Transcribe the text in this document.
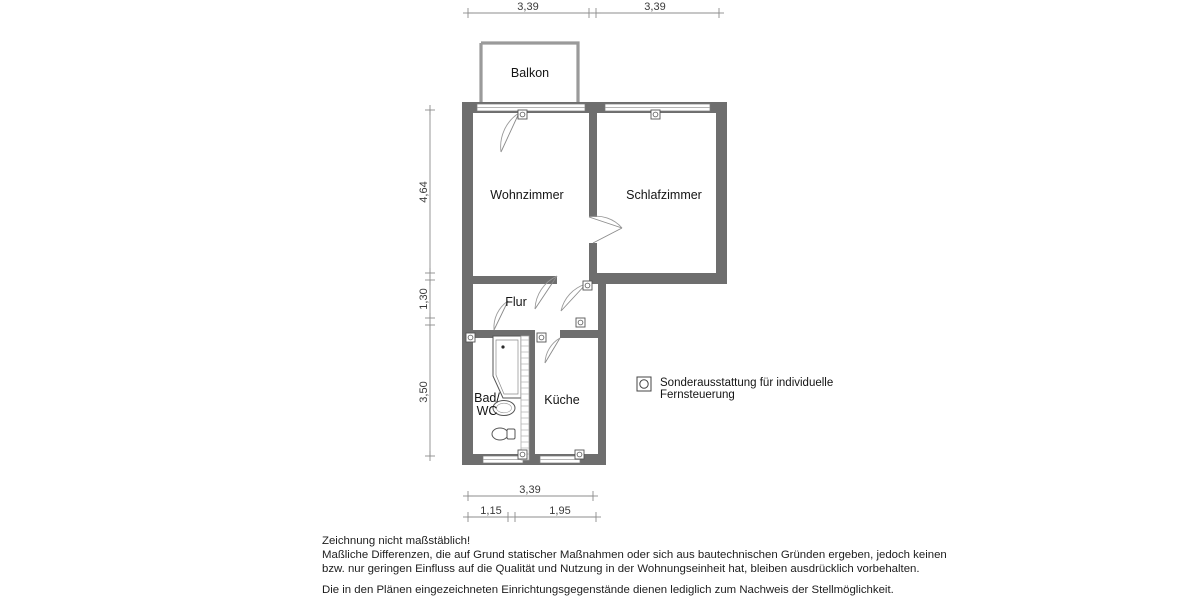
3,39	3,39
4,64
1,30
3,50
Balkon
Wohnzimmer	Schlafzimmer
Flur
Bad/
WC
Küche
3,39
1,15	1,95
Sonderausstattung für individuelle
Fernsteuerung
Zeichnung nicht maßstäblich!
Maßliche Differenzen, die auf Grund statischer Maßnahmen oder sich aus bautechnischen Gründen ergeben, jedoch keinen
bzw. nur geringen Einfluss auf die Qualität und Nutzung in der Wohnungseinheit hat, bleiben ausdrücklich vorbehalten.
Die in den Plänen eingezeichneten Einrichtungsgegenstände dienen lediglich zum Nachweis der Stellmöglichkeit.
